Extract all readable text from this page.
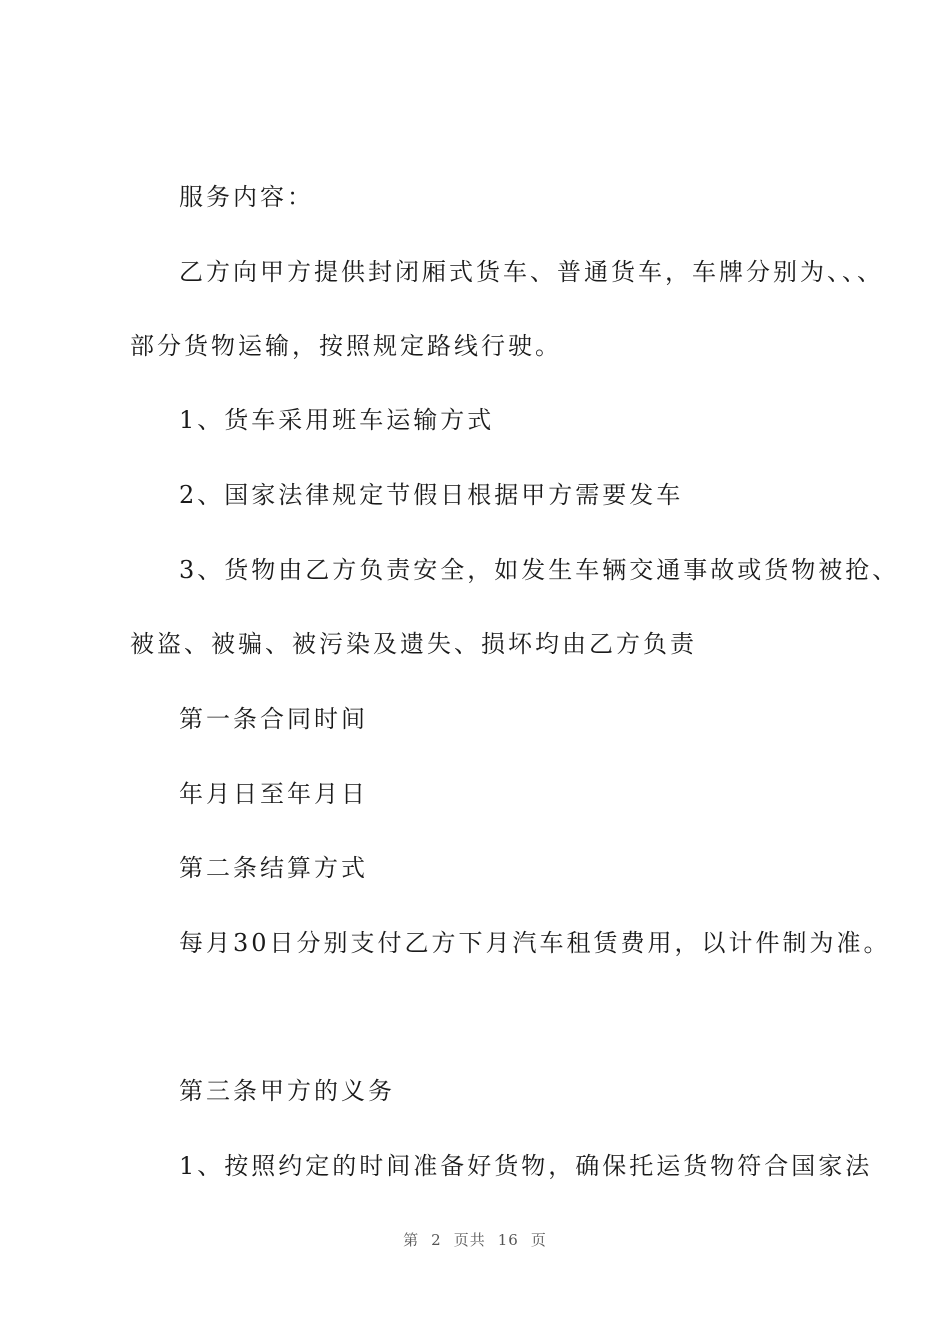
服务内容：
乙方向甲方提供封闭厢式货车、普通货车，车牌分别为、、、
部分货物运输，按照规定路线行驶。
1、货车采用班车运输方式
2、国家法律规定节假日根据甲方需要发车
3、货物由乙方负责安全，如发生车辆交通事故或货物被抢、
被盗、被骗、被污染及遗失、损坏均由乙方负责
第一条合同时间
年月日至年月日
第二条结算方式
每月30日分别支付乙方下月汽车租赁费用，以计件制为准。
第三条甲方的义务
1、按照约定的时间准备好货物，确保托运货物符合国家法
第 2 页共 16 页
